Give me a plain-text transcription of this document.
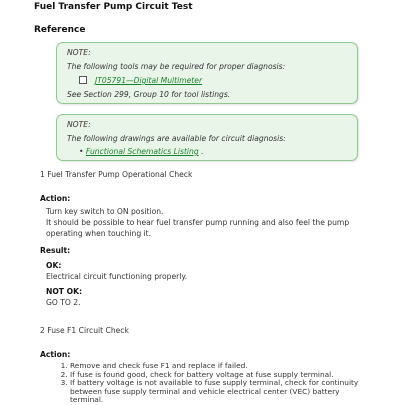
Fuel Transfer Pump Circuit Test
Reference
NOTE:
The following tools may be required for proper diagnosis:
JT05791—Digital Multimeter
See Section 299, Group 10 for tool listings.
NOTE:
The following drawings are available for circuit diagnosis:
• Functional Schematics Listing .
1 Fuel Transfer Pump Operational Check
Action:
Turn key switch to ON position.
It should be possible to hear fuel transfer pump running and also feel the pump
operating when touching it.
Result:
OK:
Electrical circuit functioning properly.
NOT OK:
GO TO 2.
2 Fuse F1 Circuit Check
Action:
1. Remove and check fuse F1 and replace if failed.
2. If fuse is found good, check for battery voltage at fuse supply terminal.
3. If battery voltage is not available to fuse supply terminal, check for continuity between fuse supply terminal and vehicle electrical center (VEC) battery terminal.
